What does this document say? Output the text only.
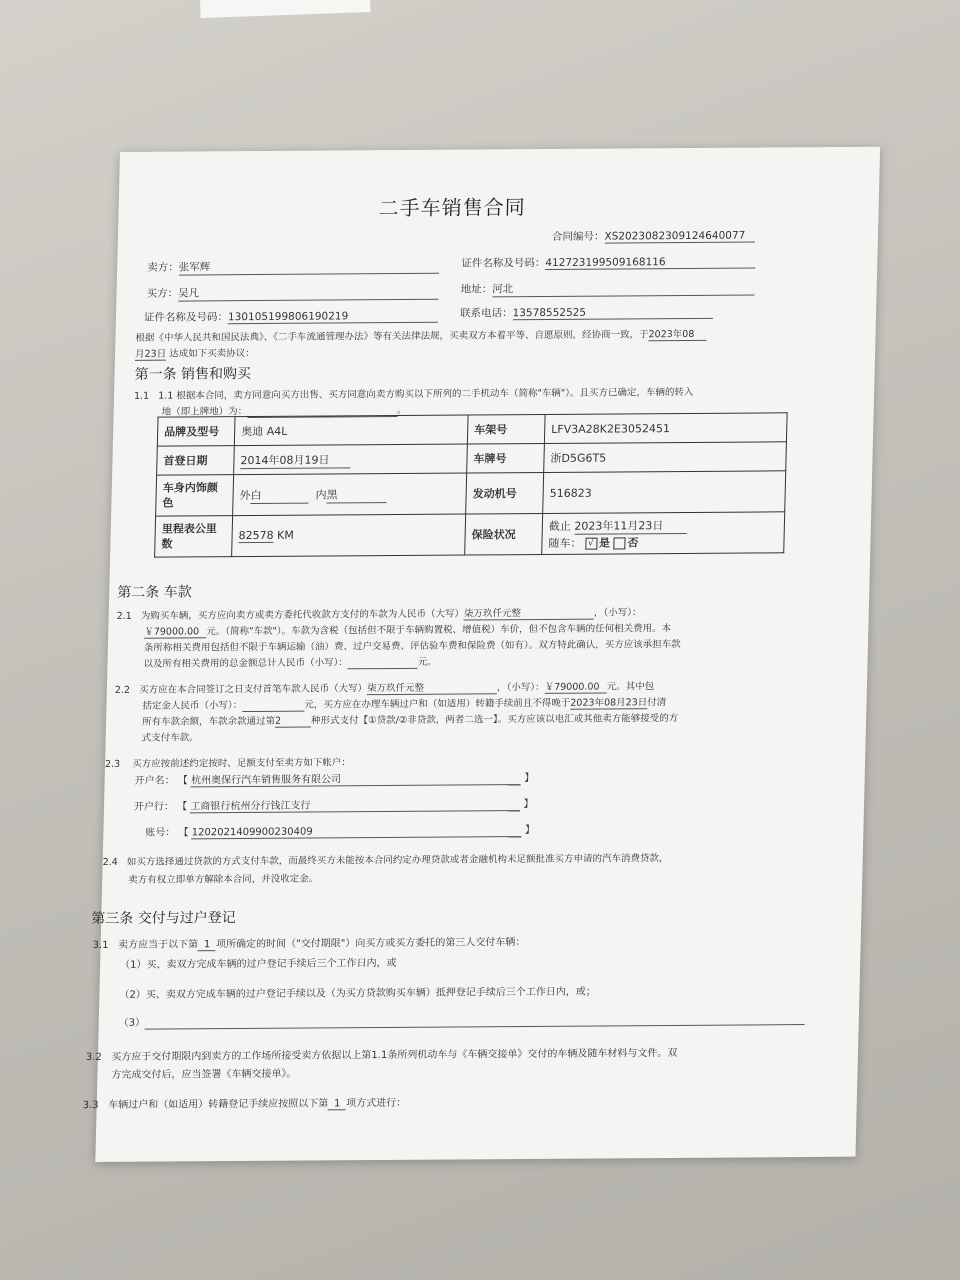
二手车销售合同
合同编号：XS2023082309124640077
卖方：张军辉	证件名称及号码：412723199509168116
买方：吴凡	地址：河北
证件名称及号码：130105199806190219	联系电话：13578552525
根据《中华人民共和国民法典》、《二手车流通管理办法》等有关法律法规，买卖双方本着平等、自愿原则，经协商一致，于2023年08
月23日 达成如下买卖协议：
第一条 销售和购买
1.1 1.1 根据本合同，卖方同意向买方出售、买方同意向卖方购买以下所列的二手机动车（简称"车辆"）。且买方已确定，车辆的转入
地（即上牌地）为：	。
品牌及型号	奥迪 A4L	车架号	LFV3A28K2E3052451
首登日期	2014年08月19日	车牌号	浙D5G6T5
车身内饰颜色	外白 内黑	发动机号	516823
里程表公里数	82578 KM	保险状况	截止 2023年11月23日
随车： √ 是 否
第二条 车款
2.1 为购买车辆，买方应向卖方或卖方委托代收款方支付的车款为人民币（大写）柒万玖仟元整	，（小写）：
￥79000.00 元。（简称"车款"）。车款为含税（包括但不限于车辆购置税、增值税）车价，但不包含车辆的任何相关费用。本
条所称相关费用包括但不限于车辆运输（油）费、过户交易费、评估验车费和保险费（如有）。双方特此确认，买方应该承担车款
以及所有相关费用的总金额总计人民币（小写）：	元。
2.2 买方应在本合同签订之日支付首笔车款人民币（大写）柒万玖仟元整	，（小写）：￥79000.00 元。其中包
括定金人民币（小写）：	元，买方应在办理车辆过户和（如适用）转籍手续前且不得晚于2023年08月23日付清
所有车款余额，车款余款通过第2	种形式支付【①贷款/②非贷款，两者二选一】。买方应该以电汇或其他卖方能够接受的方
式支付车款。
2.3 买方应按前述约定按时、足额支付至卖方如下帐户：
开户名： 【 杭州奥保行汽车销售服务有限公司	】
开户行： 【 工商银行杭州分行钱江支行	】
账号： 【 1202021409900230409	】
2.4 如买方选择通过贷款的方式支付车款，而最终买方未能按本合同约定办理贷款或者金融机构未足额批准买方申请的汽车消费贷款，
卖方有权立即单方解除本合同，并没收定金。
第三条 交付与过户登记
3.1 卖方应当于以下第 1 项所确定的时间（"交付期限"）向买方或买方委托的第三人交付车辆：
（1）买、卖双方完成车辆的过户登记手续后三个工作日内，或
（2）买、卖双方完成车辆的过户登记手续以及（为买方贷款购买车辆）抵押登记手续后三个工作日内，或；
（3）
3.2 买方应于交付期限内到卖方的工作场所接受卖方依据以上第1.1条所列机动车与《车辆交接单》交付的车辆及随车材料与文件。双
方完成交付后，应当签署《车辆交接单》。
3.3 车辆过户和（如适用）转籍登记手续应按照以下第 1 项方式进行：
